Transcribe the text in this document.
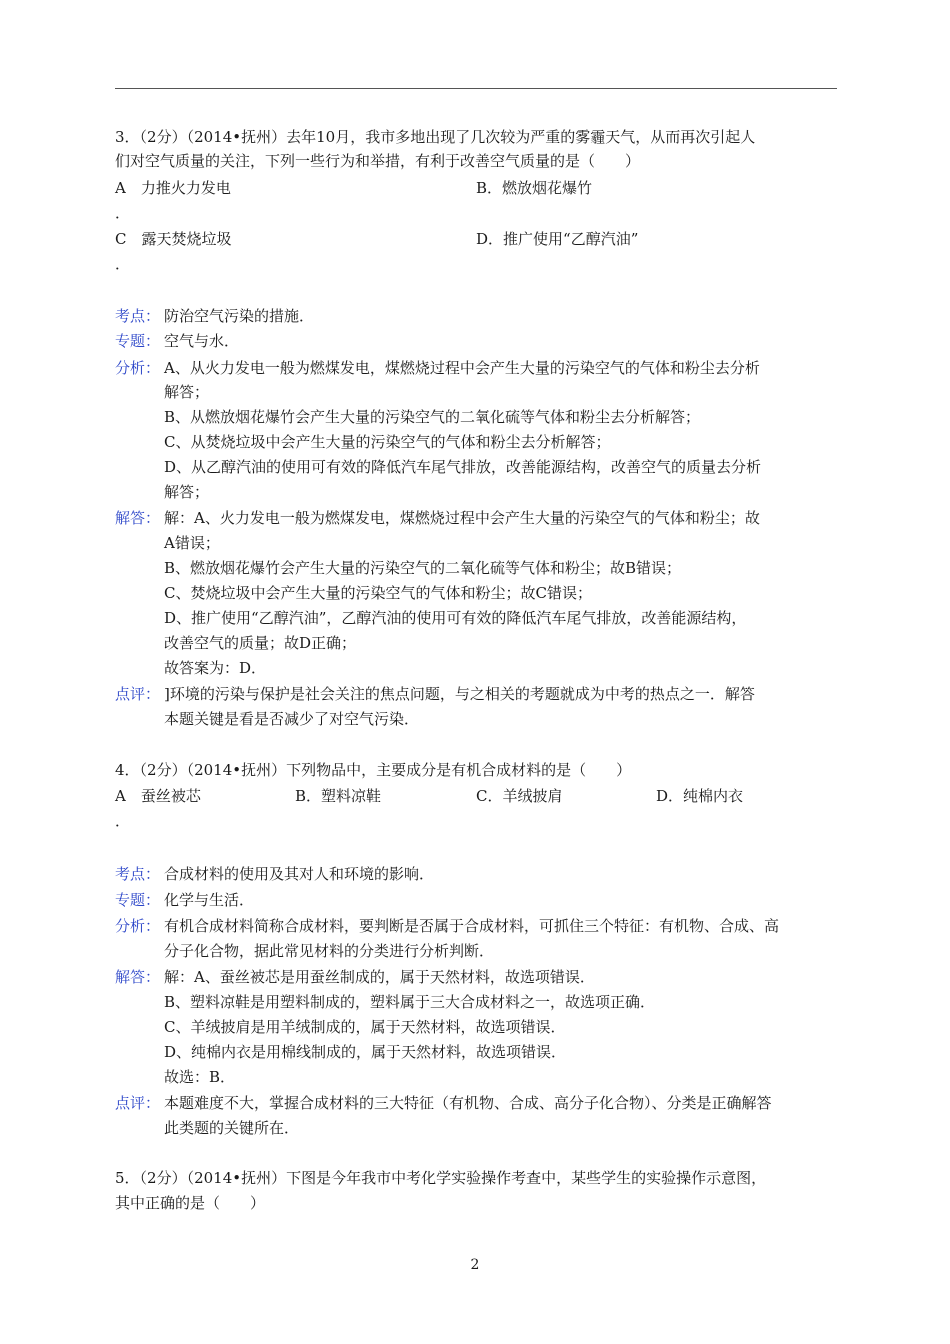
3．（2分）（2014•抚州）去年10月，我市多地出现了几次较为严重的雾霾天气，从而再次引起人
们对空气质量的关注，下列一些行为和举措，有利于改善空气质量的是（　　）
A　力推火力发电	B．燃放烟花爆竹
．
C　露天焚烧垃圾	D．推广使用“乙醇汽油”
．
考点： 防治空气污染的措施．
专题： 空气与水．
分析： A、从火力发电一般为燃煤发电，煤燃烧过程中会产生大量的污染空气的气体和粉尘去分析
解答；
B、从燃放烟花爆竹会产生大量的污染空气的二氧化硫等气体和粉尘去分析解答；
C、从焚烧垃圾中会产生大量的污染空气的气体和粉尘去分析解答；
D、从乙醇汽油的使用可有效的降低汽车尾气排放，改善能源结构，改善空气的质量去分析
解答；
解答： 解：A、火力发电一般为燃煤发电，煤燃烧过程中会产生大量的污染空气的气体和粉尘；故
A错误；
B、燃放烟花爆竹会产生大量的污染空气的二氧化硫等气体和粉尘；故B错误；
C、焚烧垃圾中会产生大量的污染空气的气体和粉尘；故C错误；
D、推广使用“乙醇汽油”，乙醇汽油的使用可有效的降低汽车尾气排放，改善能源结构，
改善空气的质量；故D正确；
故答案为：D．
点评： ]环境的污染与保护是社会关注的焦点问题，与之相关的考题就成为中考的热点之一．解答
本题关键是看是否减少了对空气污染．
4．（2分）（2014•抚州）下列物品中，主要成分是有机合成材料的是（　　）
A　蚕丝被芯	B．塑料凉鞋	C．羊绒披肩	D．纯棉内衣
．
考点： 合成材料的使用及其对人和环境的影响．
专题： 化学与生活．
分析： 有机合成材料简称合成材料，要判断是否属于合成材料，可抓住三个特征：有机物、合成、高
分子化合物，据此常见材料的分类进行分析判断．
解答： 解：A、蚕丝被芯是用蚕丝制成的，属于天然材料，故选项错误．
B、塑料凉鞋是用塑料制成的，塑料属于三大合成材料之一，故选项正确．
C、羊绒披肩是用羊绒制成的，属于天然材料，故选项错误．
D、纯棉内衣是用棉线制成的，属于天然材料，故选项错误．
故选：B．
点评： 本题难度不大，掌握合成材料的三大特征（有机物、合成、高分子化合物）、分类是正确解答
此类题的关键所在．
5．（2分）（2014•抚州）下图是今年我市中考化学实验操作考查中，某些学生的实验操作示意图，
其中正确的是（　　）
2
